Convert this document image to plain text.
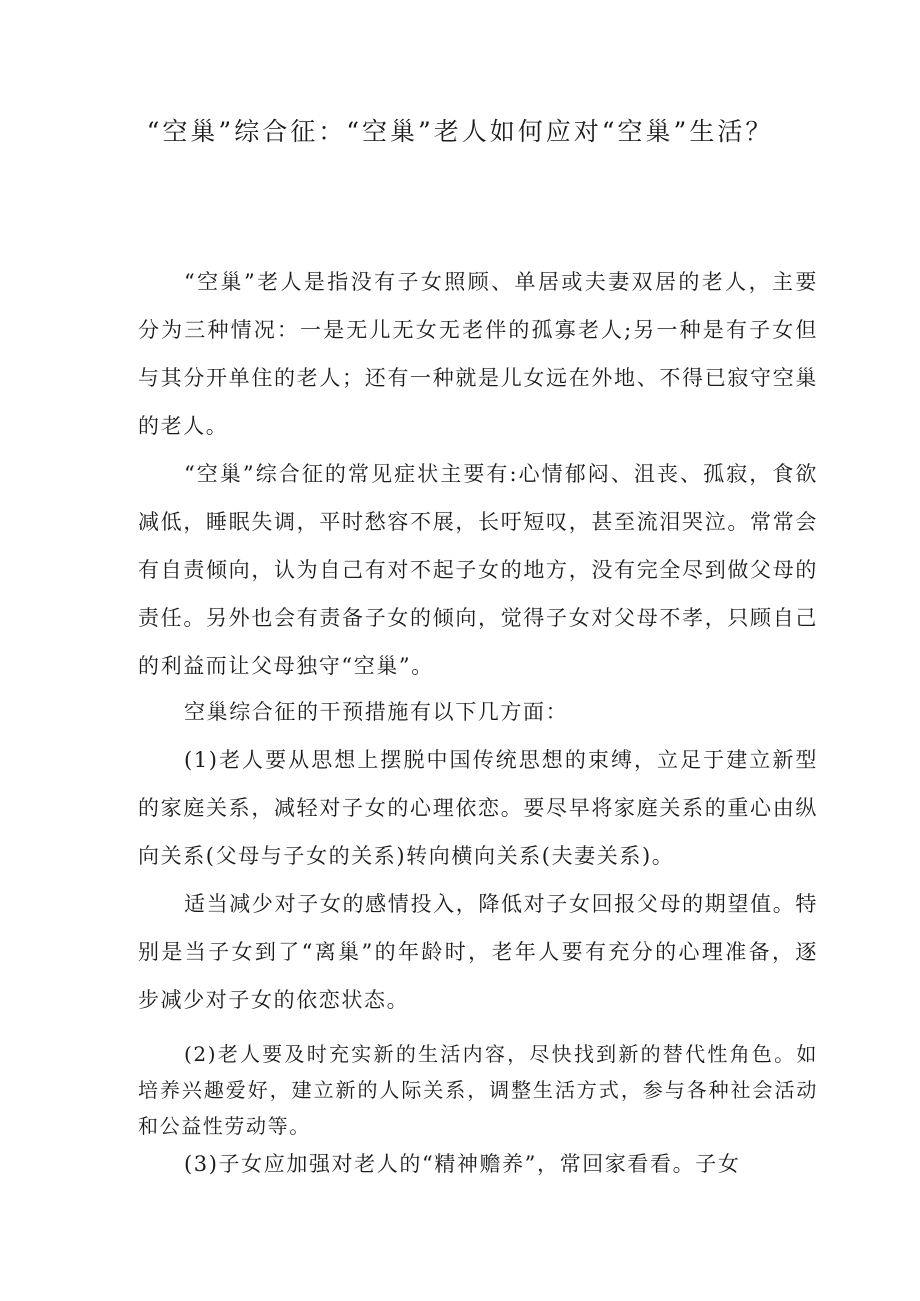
“空巢”综合征：“空巢”老人如何应对“空巢”生活？
“空巢”老人是指没有子女照顾、单居或夫妻双居的老人，主要分为三种情况：一是无儿无女无老伴的孤寡老人;另一种是有子女但与其分开单住的老人；还有一种就是儿女远在外地、不得已寂守空巢的老人。
“空巢”综合征的常见症状主要有:心情郁闷、沮丧、孤寂，食欲减低，睡眠失调，平时愁容不展，长吁短叹，甚至流泪哭泣。常常会有自责倾向，认为自己有对不起子女的地方，没有完全尽到做父母的责任。另外也会有责备子女的倾向，觉得子女对父母不孝，只顾自己的利益而让父母独守“空巢”。
空巢综合征的干预措施有以下几方面：
(1)老人要从思想上摆脱中国传统思想的束缚，立足于建立新型的家庭关系，减轻对子女的心理依恋。要尽早将家庭关系的重心由纵向关系(父母与子女的关系)转向横向关系(夫妻关系)。
适当减少对子女的感情投入，降低对子女回报父母的期望值。特别是当子女到了“离巢”的年龄时，老年人要有充分的心理准备，逐步减少对子女的依恋状态。
(2)老人要及时充实新的生活内容，尽快找到新的替代性角色。如培养兴趣爱好，建立新的人际关系，调整生活方式，参与各种社会活动和公益性劳动等。
(3)子女应加强对老人的“精神赡养”，常回家看看。子女
